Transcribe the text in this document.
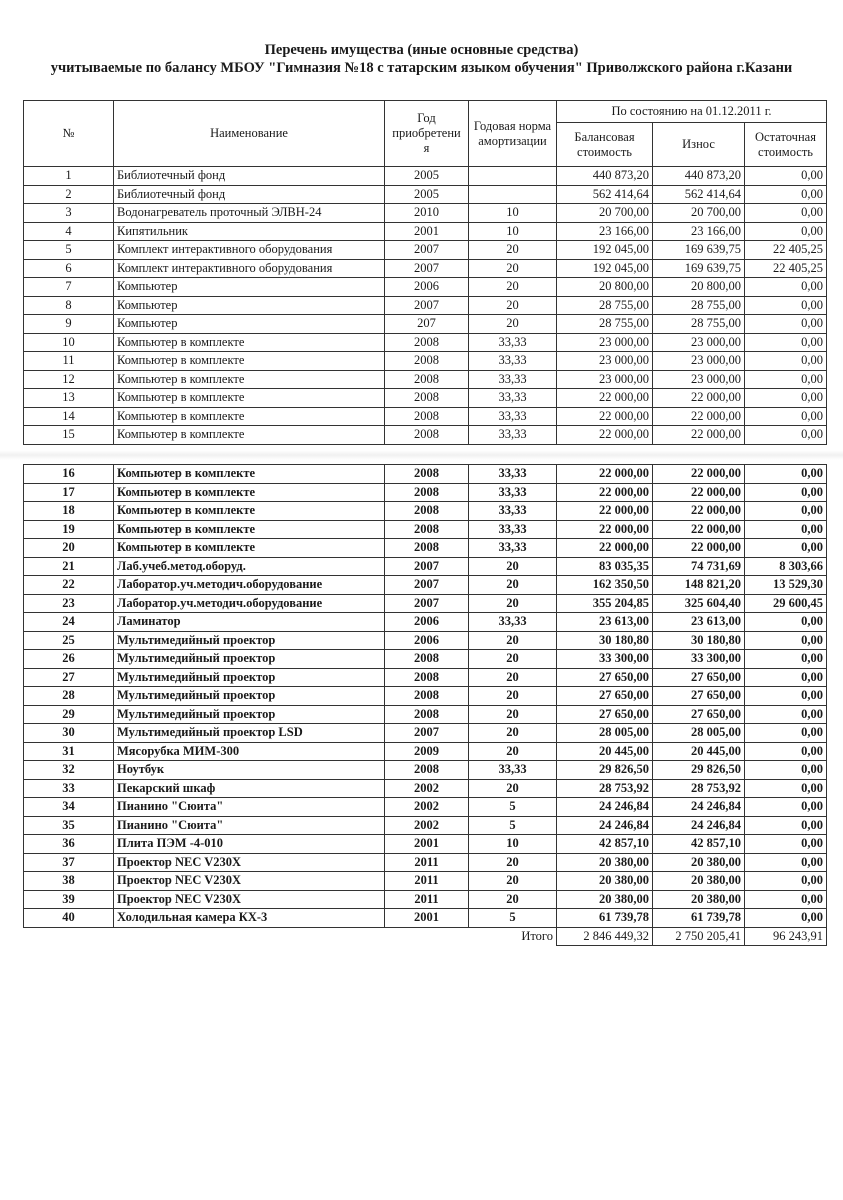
Перечень имущества (иные основные средства)
учитываемые по балансу МБОУ "Гимназия №18 с татарским языком обучения" Приволжского района г.Казани
№	Наименование	Год приобретени я	Годовая норма амортизации	По состоянию на 01.12.2011 г.		
				Балансовая стоимость	Износ	Остаточная стоимость
1	Библиотечный фонд	2005		440 873,20	440 873,20	0,00
2	Библиотечный фонд	2005		562 414,64	562 414,64	0,00
3	Водонагреватель проточный ЭЛВН-24	2010	10	20 700,00	20 700,00	0,00
4	Кипятильник	2001	10	23 166,00	23 166,00	0,00
5	Комплект интерактивного оборудования	2007	20	192 045,00	169 639,75	22 405,25
6	Комплект интерактивного оборудования	2007	20	192 045,00	169 639,75	22 405,25
7	Компьютер	2006	20	20 800,00	20 800,00	0,00
8	Компьютер	2007	20	28 755,00	28 755,00	0,00
9	Компьютер	207	20	28 755,00	28 755,00	0,00
10	Компьютер в комплекте	2008	33,33	23 000,00	23 000,00	0,00
11	Компьютер в комплекте	2008	33,33	23 000,00	23 000,00	0,00
12	Компьютер в комплекте	2008	33,33	23 000,00	23 000,00	0,00
13	Компьютер в комплекте	2008	33,33	22 000,00	22 000,00	0,00
14	Компьютер в комплекте	2008	33,33	22 000,00	22 000,00	0,00
15	Компьютер в комплекте	2008	33,33	22 000,00	22 000,00	0,00
16	Компьютер в комплекте	2008	33,33	22 000,00	22 000,00	0,00
17	Компьютер в комплекте	2008	33,33	22 000,00	22 000,00	0,00
18	Компьютер в комплекте	2008	33,33	22 000,00	22 000,00	0,00
19	Компьютер в комплекте	2008	33,33	22 000,00	22 000,00	0,00
20	Компьютер в комплекте	2008	33,33	22 000,00	22 000,00	0,00
21	Лаб.учеб.метод.оборуд.	2007	20	83 035,35	74 731,69	8 303,66
22	Лаборатор.уч.методич.оборудование	2007	20	162 350,50	148 821,20	13 529,30
23	Лаборатор.уч.методич.оборудование	2007	20	355 204,85	325 604,40	29 600,45
24	Ламинатор	2006	33,33	23 613,00	23 613,00	0,00
25	Мультимедийный проектор	2006	20	30 180,80	30 180,80	0,00
26	Мультимедийный проектор	2008	20	33 300,00	33 300,00	0,00
27	Мультимедийный проектор	2008	20	27 650,00	27 650,00	0,00
28	Мультимедийный проектор	2008	20	27 650,00	27 650,00	0,00
29	Мультимедийный проектор	2008	20	27 650,00	27 650,00	0,00
30	Мультимедийный проектор LSD	2007	20	28 005,00	28 005,00	0,00
31	Мясорубка МИМ-300	2009	20	20 445,00	20 445,00	0,00
32	Ноутбук	2008	33,33	29 826,50	29 826,50	0,00
33	Пекарский шкаф	2002	20	28 753,92	28 753,92	0,00
34	Пианино "Сюита"	2002	5	24 246,84	24 246,84	0,00
35	Пианино "Сюита"	2002	5	24 246,84	24 246,84	0,00
36	Плита ПЭМ -4-010	2001	10	42 857,10	42 857,10	0,00
37	Проектор NEC V230X	2011	20	20 380,00	20 380,00	0,00
38	Проектор NEC V230X	2011	20	20 380,00	20 380,00	0,00
39	Проектор NEC V230X	2011	20	20 380,00	20 380,00	0,00
40	Холодильная камера КХ-3	2001	5	61 739,78	61 739,78	0,00
			Итого	2 846 449,32	2 750 205,41	96 243,91
